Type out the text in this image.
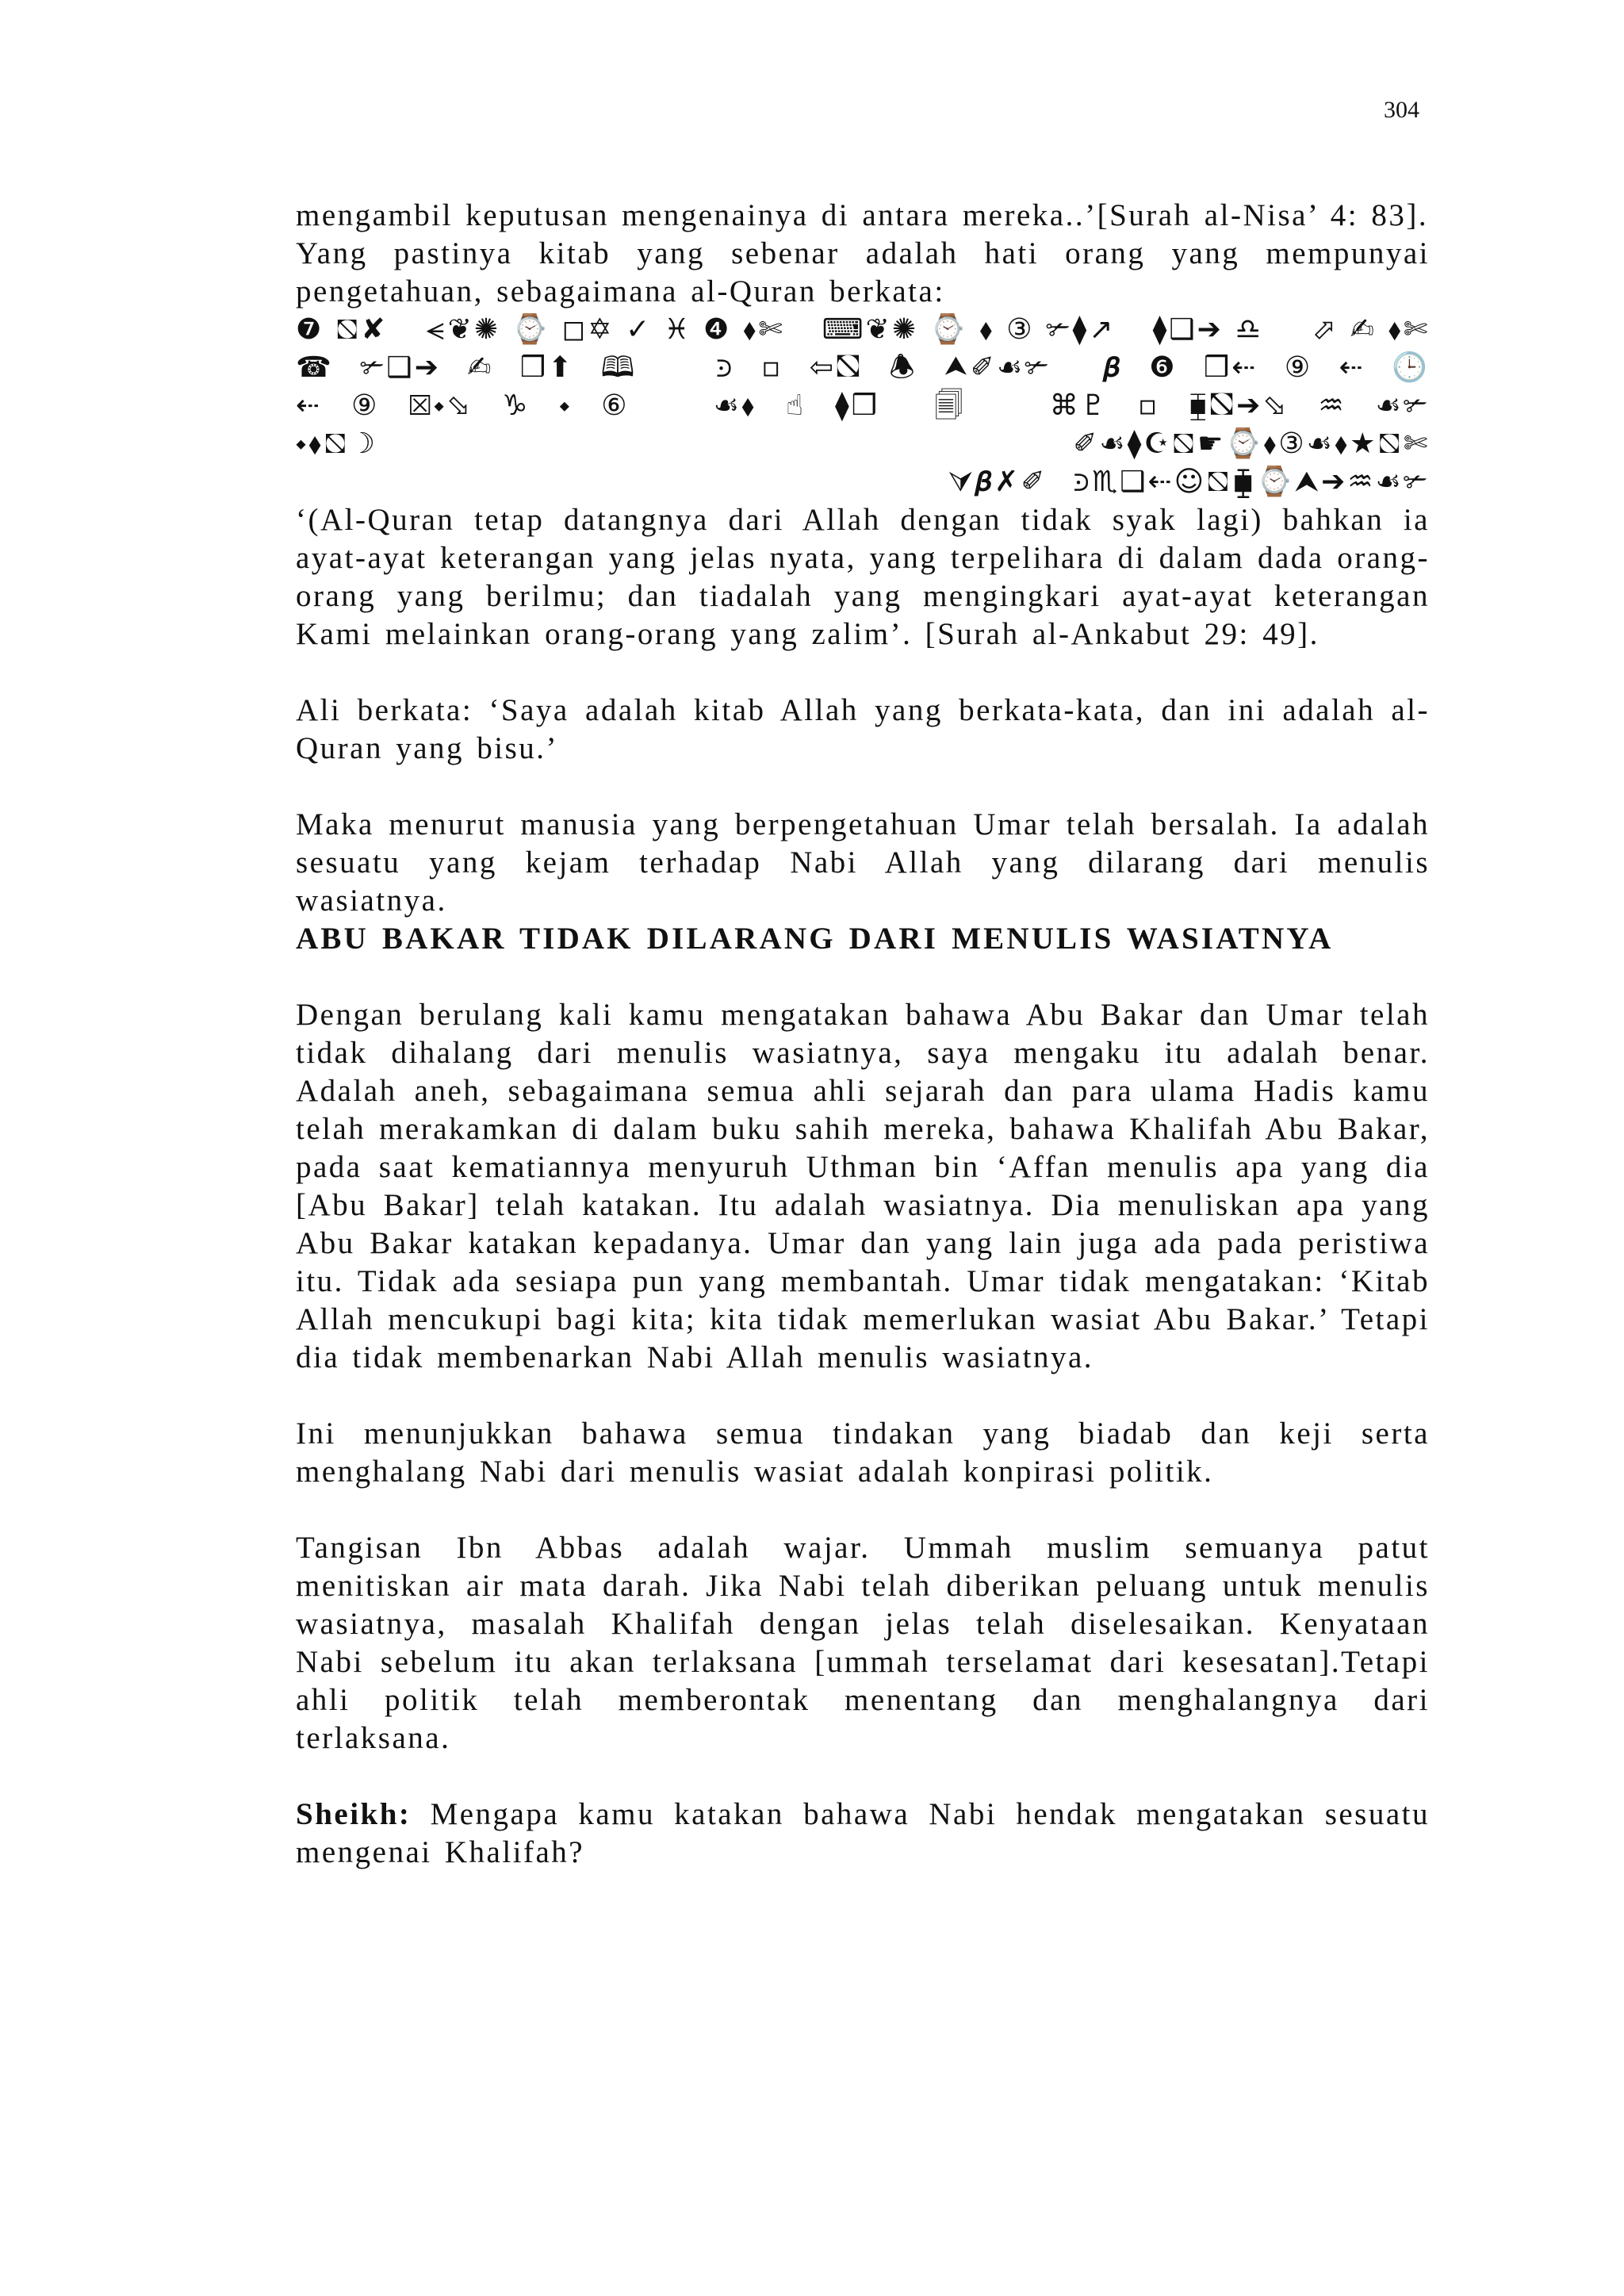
304

mengambil keputusan mengenainya di antara mereka..’[Surah al-Nisa’ 4: 83].

Yang pastinya kitab yang sebenar adalah hati orang yang mempunyai pengetahuan, sebagaimana al-Quran berkata:

❼⛞✘ ⪪❦✺⌚◻✡✓♓❹⬧✄ ⌨❦✺⌚⬧③✃⧫↗ ⧫❑➔♎ ⬀✍⬧✄
☎✃❑➔✍❒⬆🕮 ⪾▫⇦⛞🕭⮝✐☙✃ 𝜷❻❒⇠⑨⇠🕒
⇠⑨⮽⬩⬂♑⬩⑥ ☙⬧☝⧫❒ 🗐 ⌘♇▫⧯⛞➔⬂♒☙✃
⬩⬧⛞☽	✐☙⧫☪⛞☛⌚⬧③☙⬧★⛞✄
⮛𝜷✗✐ ⪾♏❑⇠☺⛞⧯⌚⮝➔♒☙✃

‘(Al-Quran tetap datangnya dari Allah dengan tidak syak lagi) bahkan ia ayat-ayat keterangan yang jelas nyata, yang terpelihara di dalam dada orang-orang yang berilmu; dan tiadalah yang mengingkari ayat-ayat keterangan Kami melainkan orang-orang yang zalim’. [Surah al-Ankabut 29: 49].

Ali berkata: ‘Saya adalah kitab Allah yang berkata-kata, dan ini adalah al-Quran yang bisu.’

Maka menurut manusia yang berpengetahuan Umar telah bersalah. Ia adalah sesuatu yang kejam terhadap Nabi Allah yang dilarang dari menulis wasiatnya.

ABU BAKAR TIDAK DILARANG DARI MENULIS WASIATNYA

Dengan berulang kali kamu mengatakan bahawa Abu Bakar dan Umar telah tidak dihalang dari menulis wasiatnya, saya mengaku itu adalah benar. Adalah aneh, sebagaimana semua ahli sejarah dan para ulama Hadis kamu telah merakamkan di dalam buku sahih mereka, bahawa Khalifah Abu Bakar, pada saat kematiannya menyuruh Uthman bin ‘Affan menulis apa yang dia [Abu Bakar] telah katakan. Itu adalah wasiatnya. Dia menuliskan apa yang Abu Bakar katakan kepadanya. Umar dan yang lain juga ada pada peristiwa itu. Tidak ada sesiapa pun yang membantah. Umar tidak mengatakan: ‘Kitab Allah mencukupi bagi kita; kita tidak memerlukan wasiat Abu Bakar.’ Tetapi dia tidak membenarkan Nabi Allah menulis wasiatnya.

Ini menunjukkan bahawa semua tindakan yang biadab dan keji serta menghalang Nabi dari menulis wasiat adalah konpirasi politik.

Tangisan Ibn Abbas adalah wajar. Ummah muslim semuanya patut menitiskan air mata darah. Jika Nabi telah diberikan peluang untuk menulis wasiatnya, masalah Khalifah dengan jelas telah diselesaikan. Kenyataan Nabi sebelum itu akan terlaksana [ummah terselamat dari kesesatan].Tetapi ahli politik telah memberontak menentang dan menghalangnya dari terlaksana.

Sheikh: Mengapa kamu katakan bahawa Nabi hendak mengatakan sesuatu mengenai Khalifah?
